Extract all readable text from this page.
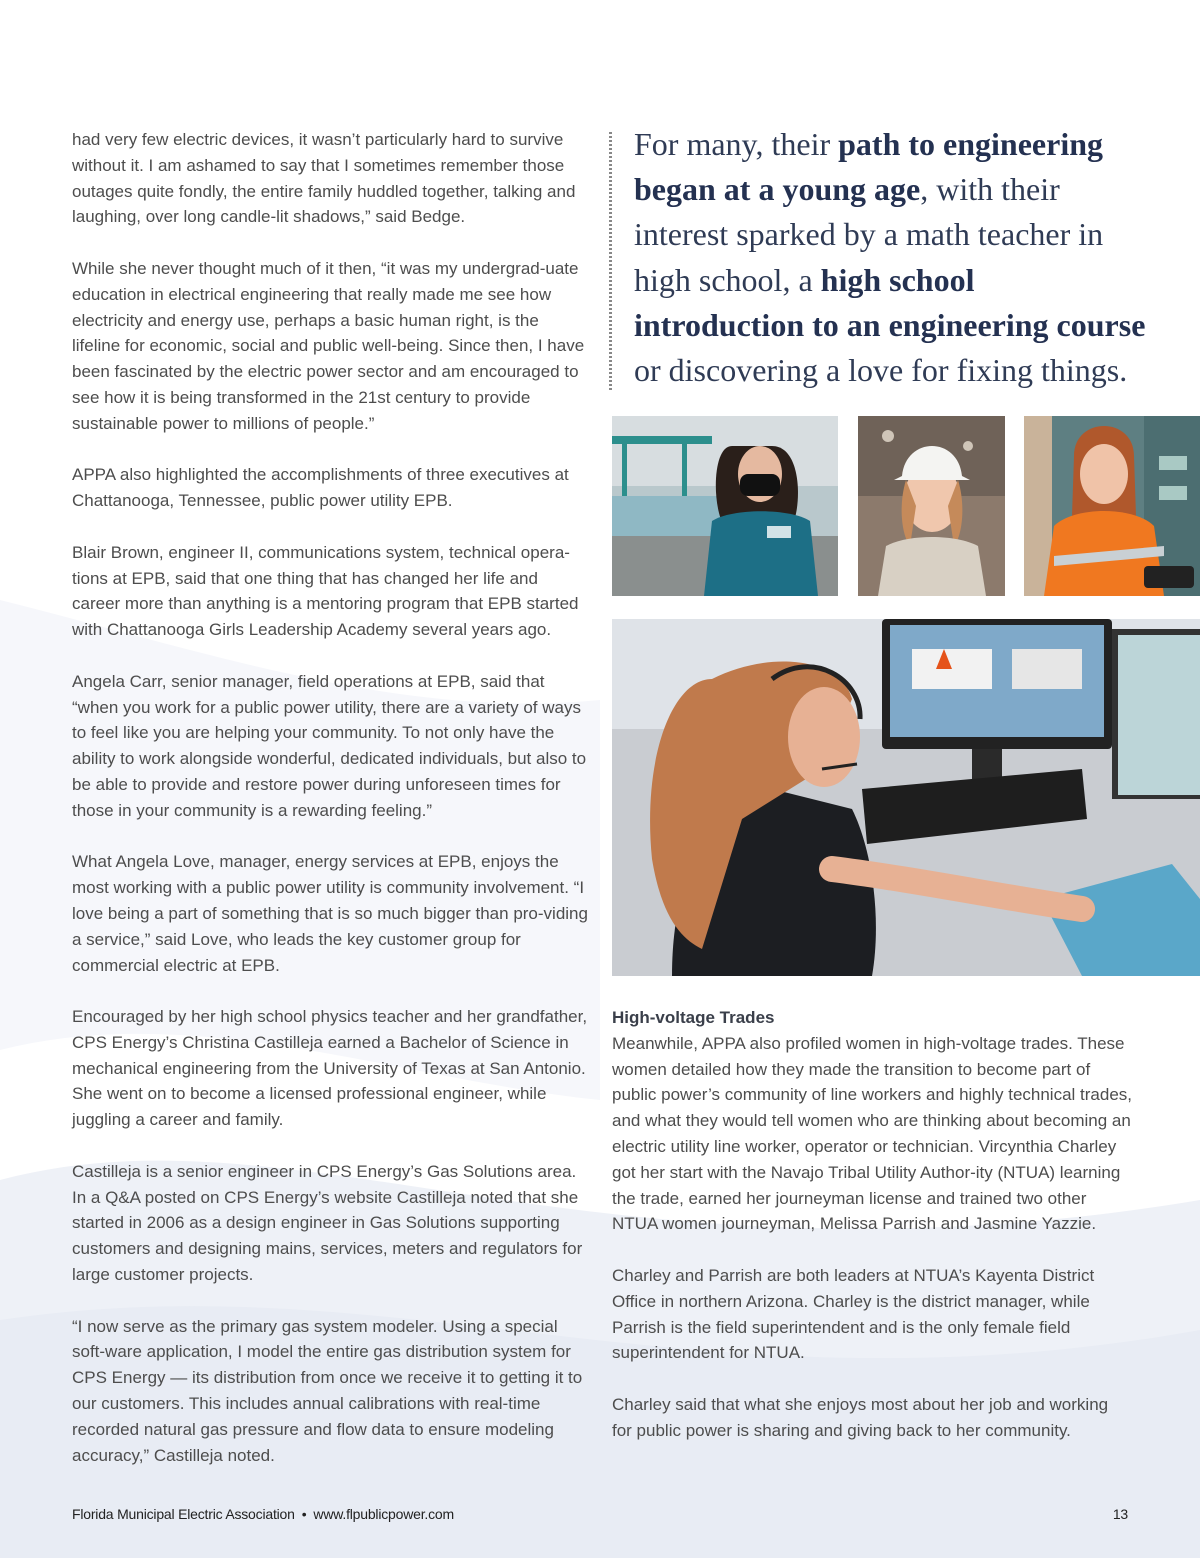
had very few electric devices, it wasn’t particularly hard to survive without it. I am ashamed to say that I sometimes remember those outages quite fondly, the entire family huddled together, talking and laughing, over long candle-lit shadows,” said Bedge.

While she never thought much of it then, “it was my undergrad-uate education in electrical engineering that really made me see how electricity and energy use, perhaps a basic human right, is the lifeline for economic, social and public well-being. Since then, I have been fascinated by the electric power sector and am encouraged to see how it is being transformed in the 21st century to provide sustainable power to millions of people.”

APPA also highlighted the accomplishments of three executives at Chattanooga, Tennessee, public power utility EPB.

Blair Brown, engineer II, communications system, technical opera-tions at EPB, said that one thing that has changed her life and career more than anything is a mentoring program that EPB started with Chattanooga Girls Leadership Academy several years ago.

Angela Carr, senior manager, field operations at EPB, said that “when you work for a public power utility, there are a variety of ways to feel like you are helping your community. To not only have the ability to work alongside wonderful, dedicated individuals, but also to be able to provide and restore power during unforeseen times for those in your community is a rewarding feeling.”

What Angela Love, manager, energy services at EPB, enjoys the most working with a public power utility is community involvement. “I love being a part of something that is so much bigger than pro-viding a service,” said Love, who leads the key customer group for commercial electric at EPB.

Encouraged by her high school physics teacher and her grandfather, CPS Energy’s Christina Castilleja earned a Bachelor of Science in mechanical engineering from the University of Texas at San Antonio. She went on to become a licensed professional engineer, while juggling a career and family.

Castilleja is a senior engineer in CPS Energy’s Gas Solutions area. In a Q&A posted on CPS Energy’s website Castilleja noted that she started in 2006 as a design engineer in Gas Solutions supporting customers and designing mains, services, meters and regulators for large customer projects.

“I now serve as the primary gas system modeler. Using a special soft-ware application, I model the entire gas distribution system for CPS Energy — its distribution from once we receive it to getting it to our customers. This includes annual calibrations with real-time recorded natural gas pressure and flow data to ensure modeling accuracy,” Castilleja noted.

For many, their path to engineering began at a young age, with their interest sparked by a math teacher in high school, a high school introduction to an engineering course or discovering a love for fixing things.
High-voltage Trades

Meanwhile, APPA also profiled women in high-voltage trades. These women detailed how they made the transition to become part of public power’s community of line workers and highly technical trades, and what they would tell women who are thinking about becoming an electric utility line worker, operator or technician. Vircynthia Charley got her start with the Navajo Tribal Utility Author-ity (NTUA) learning the trade, earned her journeyman license and trained two other NTUA women journeyman, Melissa Parrish and Jasmine Yazzie.

Charley and Parrish are both leaders at NTUA’s Kayenta District Office in northern Arizona. Charley is the district manager, while Parrish is the field superintendent and is the only female field superintendent for NTUA.

Charley said that what she enjoys most about her job and working for public power is sharing and giving back to her community.

Florida Municipal Electric Association • www.flpublicpower.com	13
